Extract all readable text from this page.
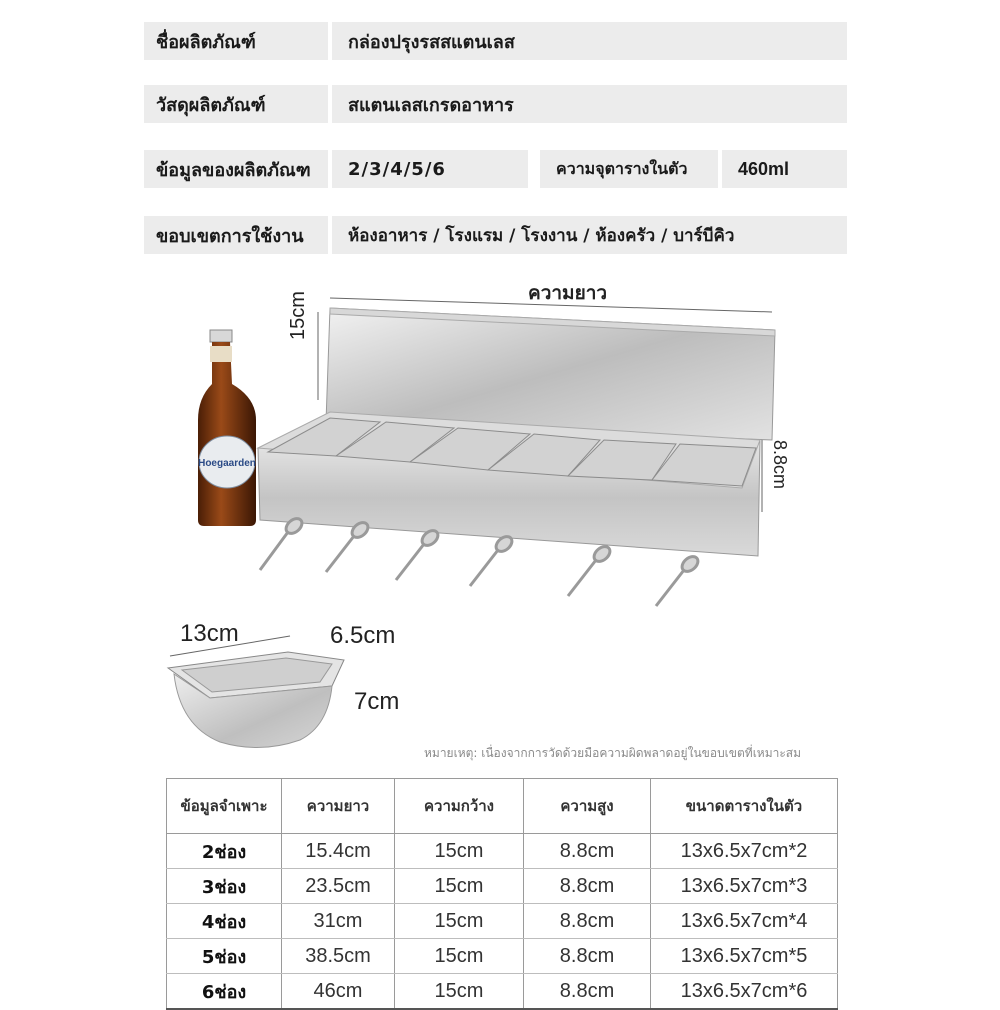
ชื่อผลิตภัณฑ์	กล่องปรุงรสสแตนเลส
วัสดุผลิตภัณฑ์	สแตนเลสเกรดอาหาร
ข้อมูลของผลิตภัณฑ	2/3/4/5/6	ความจุตารางในตัว	460ml
ขอบเขตการใช้งาน	ห้องอาหาร / โรงแรม / โรงงาน / ห้องครัว / บาร์บีคิว
Hoegaarden
ความยาว
15cm
8.8cm
13cm	6.5cm
7cm
หมายเหตุ: เนื่องจากการวัดด้วยมือความผิดพลาดอยู่ในขอบเขตที่เหมาะสม
ข้อมูลจำเพาะ	ความยาว	ความกว้าง	ความสูง	ขนาดตารางในตัว
2ช่อง	15.4cm	15cm	8.8cm	13x6.5x7cm*2
3ช่อง	23.5cm	15cm	8.8cm	13x6.5x7cm*3
4ช่อง	31cm	15cm	8.8cm	13x6.5x7cm*4
5ช่อง	38.5cm	15cm	8.8cm	13x6.5x7cm*5
6ช่อง	46cm	15cm	8.8cm	13x6.5x7cm*6
